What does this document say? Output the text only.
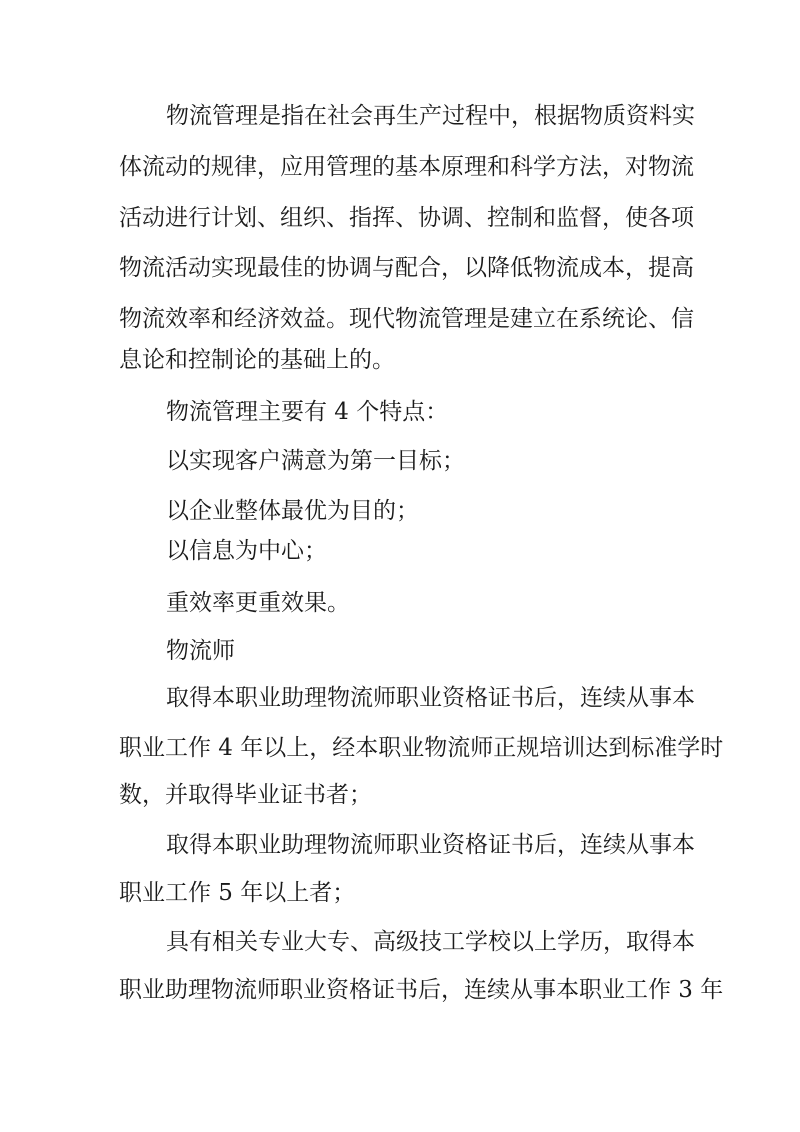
物流管理是指在社会再生产过程中，根据物质资料实
体流动的规律，应用管理的基本原理和科学方法，对物流
活动进行计划、组织、指挥、协调、控制和监督，使各项
物流活动实现最佳的协调与配合，以降低物流成本，提高
物流效率和经济效益。现代物流管理是建立在系统论、信
息论和控制论的基础上的。
物流管理主要有 4 个特点：
以实现客户满意为第一目标；
以企业整体最优为目的；
以信息为中心；
重效率更重效果。
物流师
取得本职业助理物流师职业资格证书后，连续从事本
职业工作 4 年以上，经本职业物流师正规培训达到标准学时
数，并取得毕业证书者；
取得本职业助理物流师职业资格证书后，连续从事本
职业工作 5 年以上者；
具有相关专业大专、高级技工学校以上学历，取得本
职业助理物流师职业资格证书后，连续从事本职业工作 3 年
